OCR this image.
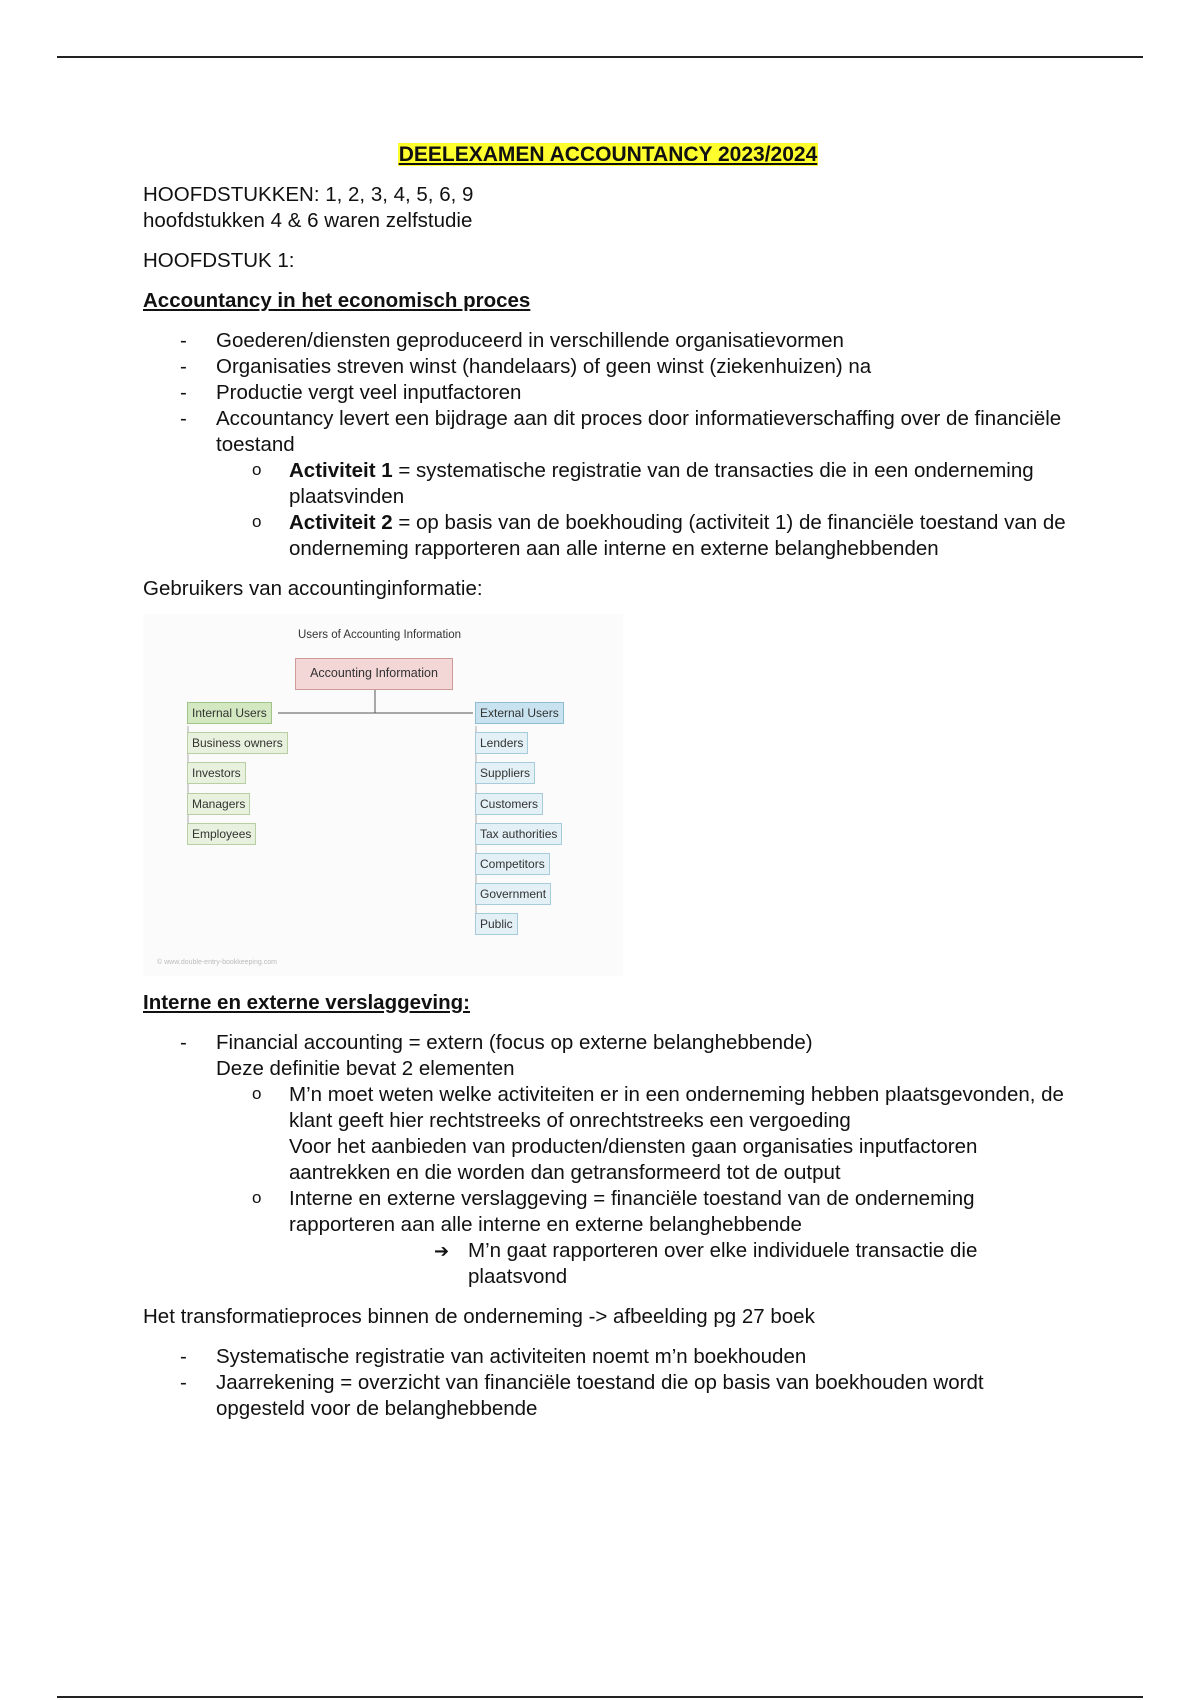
DEELEXAMEN ACCOUNTANCY 2023/2024

HOOFDSTUKKEN: 1, 2, 3, 4, 5, 6, 9

hoofdstukken 4 & 6 waren zelfstudie

HOOFDSTUK 1:

Accountancy in het economisch proces
- Goederen/diensten geproduceerd in verschillende organisatievormen
- Organisaties streven winst (handelaars) of geen winst (ziekenhuizen) na
- Productie vergt veel inputfactoren
- Accountancy levert een bijdrage aan dit proces door informatieverschaffing over de financiële toestand
o Activiteit 1 = systematische registratie van de transacties die in een onderneming plaatsvinden
o Activiteit 2 = op basis van de boekhouding (activiteit 1) de financiële toestand van de onderneming rapporteren aan alle interne en externe belanghebbenden

Gebruikers van accountinginformatie:

Users of Accounting Information
Accounting Information
Internal Users
Business owners
Investors
Managers
Employees
External Users
Lenders
Suppliers
Customers
Tax authorities
Competitors
Government
Public
© www.double-entry-bookkeeping.com
Interne en externe verslaggeving:
- Financial accounting = extern (focus op externe belanghebbende)
Deze definitie bevat 2 elementen
o M’n moet weten welke activiteiten er in een onderneming hebben plaatsgevonden, de klant geeft hier rechtstreeks of onrechtstreeks een vergoeding
Voor het aanbieden van producten/diensten gaan organisaties inputfactoren aantrekken en die worden dan getransformeerd tot de output
o Interne en externe verslaggeving = financiële toestand van de onderneming rapporteren aan alle interne en externe belanghebbende
➔ M’n gaat rapporteren over elke individuele transactie die plaatsvond

Het transformatieproces binnen de onderneming -> afbeelding pg 27 boek

- Systematische registratie van activiteiten noemt m’n boekhouden
- Jaarrekening = overzicht van financiële toestand die op basis van boekhouden wordt opgesteld voor de belanghebbende
